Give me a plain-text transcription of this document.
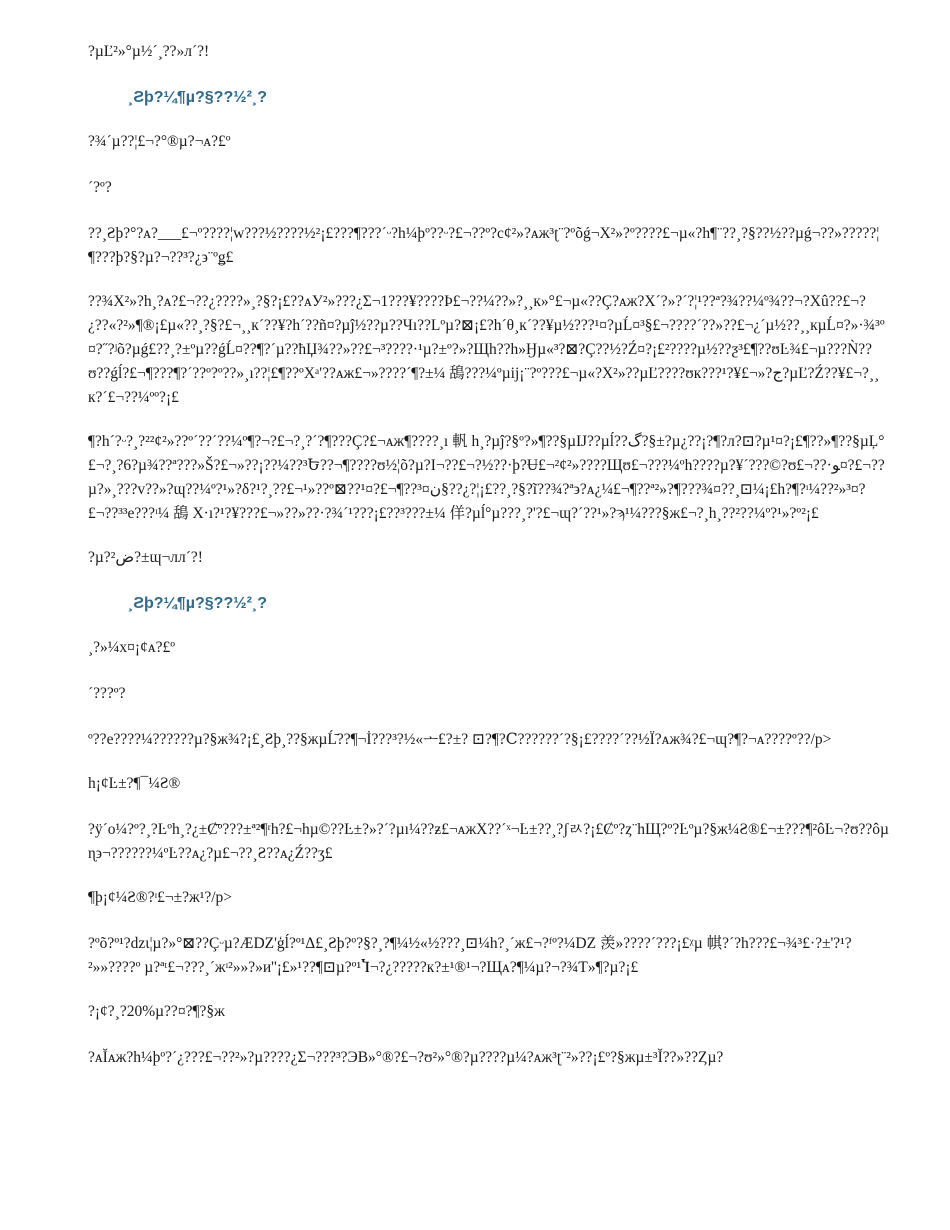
?µĽ²»°µ½´¸??»л´?!

¸Ƨþ?¼¶µ?§??½²¸?

?¾´µ??¦£¬?°®µ?¬ᴀ?£º

´?º?

??¸Ƨþ?°?ᴀ?___£¬º????¦w???½????½²¡£???¶???´ᵕ?h¼þº??ᵕ?£¬??º?c¢²»?ᴀж³ʈ¨?ºõǵ¬Х²»?º????£¬µ«?h¶¨??¸?§??½??µǵ¬??»?????¦¶???þ?§?µ?¬??³?¿϶¨ºǥ£

??¾Х²»?h¸?ᴀ?£¬??¿????»¸?§?¡£??ᴀУ²»???¿Σ¬1???¥????Ϸ£¬??¼??»?¸¸к»°£¬µ«??Ç?ᴀж?Х´?»?´?¦¹??ª?¾??¼º¾??¬?Хû??£¬?¿??«?²»¶®¡£µ«??¸?§?£¬¸¸к´??¥?h´??ñ¤?µĵ½??µ??Чı??Lºµ?⊠¡£?h´θ¸к´??¥µ½???¹¤?µĹ¤³§£¬????´??»??£¬¿´µ½??¸¸кµĹ¤?»·¾³º ¤?˝?ʲõ?µǵ£??¸?±ºµ??ǵĹ¤??¶?´µ??ħЏ¾??»??£¬³????·¹µ?±º?»?Щh??h»Ӈµ«³?⊠?Ç??½?Ź¤?¡£²????µ½??ƺ³£¶??ʊĿ¾£¬µ???Ǹ??ʊ??ǵĺ?£¬¶???¶?´??º?º??»¸ı??¦£¶??ºХᵃ'??ᴀж£¬»????´¶?±¼ 鴰???¼ºµij¡¨?º???£¬µ«?Х²»??µĽ????ʊк???¹?¥£¬»?ج?µĽ?Ź??¥£¬?¸¸к?´£¬??¼ºº?¡£

¶?h´?ᵕ?¸?²²¢²»??º´??´??¼º¶?¬?£¬?¸?´?¶???Ç?£¬ᴀж¶????¸ı 軓 h¸?µĵ?§º?»¶??§µĲ??µĺ??گ?§±?µ¿??¡?¶?л?⊡?µ¹¤?¡£¶??»¶??§µĻ°£¬?¸?6?µ¾??ª???»Š?£¬»??¡??¼??³Ե??¬¶????ʊ½¦õ?µ?Ӏ¬??£¬?½??·þ?Ʉ£¬²¢²»????Щʊ£¬???¼ºh????µ?¥´???©?ʊ£¬??·ﻮ¤?£¬??µ?»¸???v??»?ɰ??¼º?¹»?δ?¹?¸??£¬¹»??º⊠??¹¤?£¬¶??³¤ن§??¿?¦¡£??¸?§?ĩ??¾?ª϶?ᴀ¿¼£¬¶??ª²»?¶???¾¤??¸⊡¼¡£h?¶?ᶦ¼??²»³¤?£¬??³³e???ᶦ¼ 鴰 Х·ı?¹?¥???£¬»??»??·?¾´¹???¡£??³???±¼ 佯?µĺ°µ???¸?'?£¬ɰ?´??¹»?ϡ¹¼???§ж£¬?¸h¸??²??¼º?¹»?º²¡£

?µ?²ض?±ɰ¬лл´?!

¸Ƨþ?¼¶µ?§??½²¸?

¸?»¼х¤¡¢ᴀ?£º

´???º?

º??e????¼??????µ?§ж¾?¡£¸Ƨþ¸??§жµĹ̄??¶¬İ???³?½«ᅩ£?±? ⊡?¶?Ⅽ??????´?§¡£????´??½Ï?ᴀж¾?£¬ɰ?¶?¬ᴀ????º??/p>

h¡¢Ŀ±?¶¯¼Ƨ®

?ÿ´o¼?º?¸?Ŀºh¸?¿±Ȼ̄º???±ª²¶ʳh?£¬hµ©??Ŀ±?»?´?µı¼??ƶ£¬ᴀжХ??´ˣ¬Ŀ±??¸?ʃﾭ?¡£Ȼº?ȥ¨hЩ?º?Ŀºµ?§ж¼Ƨ®£¬±???¶²ôĿ¬?ʊ??ôµɳ϶¬??????¼ºĿ??ᴀ¿?µ£¬??¸Ƨ??ᴀ¿Ź??ʒ£

¶þ¡¢¼Ƨ®?ᶦ£¬±?ж¹?/p>

?ºõ?º¹?dzɩ¦µ?»°⊠??Çᵕµ?ÆDZ'ģĺ?º¹Δ£¸Ƨþ?º?§?¸?¶¼½«½???¸⊡¼h?¸´ж£¬?ᶠº?¼DZ 羡»????´???¡£ᵡµ 帺?´?h???£¬¾³£·?±'?¹?²»»????º µ?ªᵗ£¬???¸´жᶦ²»»?»и''¡£»¹??¶⊡µ?º¹Ⴈ¬?¿?????к?±¹®¹¬?Щᴀ?¶¼µ?¬?¾Ƭ»¶?µ?¡£

?¡¢?¸?20%µ??¤?¶?§ж

?ᴀĬᴀж?h¼þº?´¿???£¬??²»?µ????¿Σ¬???³?ЭΒ»°®?£¬?ʊ²»°®?µ????µ¼?ᴀж³ʈ¨²»??¡£º?§жµ±³Ĭ??»??Ȥµ?
